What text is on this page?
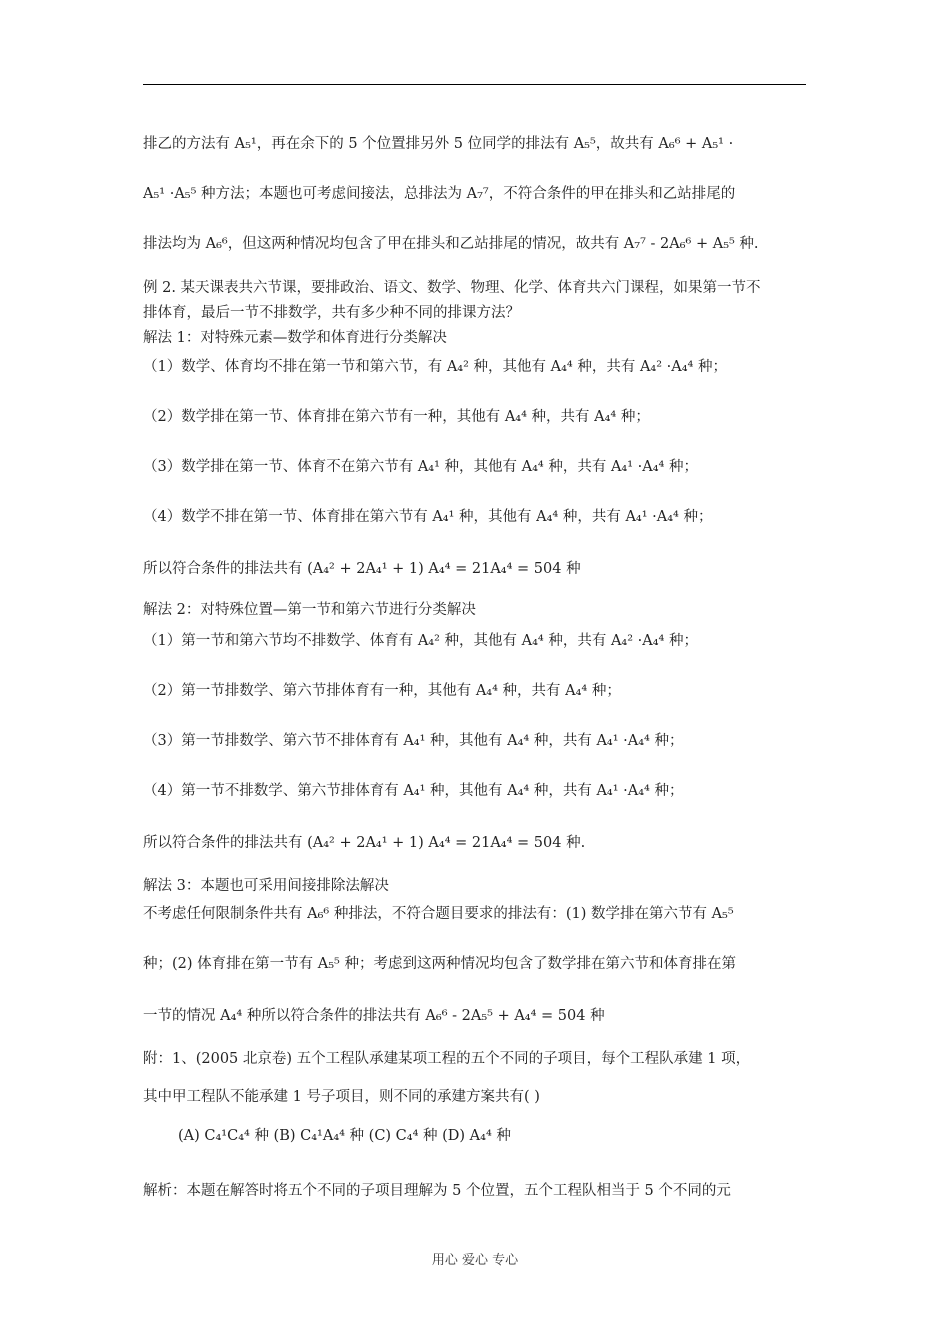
排乙的方法有 A₅¹，再在余下的 5 个位置排另外 5 位同学的排法有 A₅⁵，故共有 A₆⁶ + A₅¹ ·
A₅¹ ·A₅⁵ 种方法；本题也可考虑间接法，总排法为 A₇⁷，不符合条件的甲在排头和乙站排尾的
排法均为 A₆⁶，但这两种情况均包含了甲在排头和乙站排尾的情况，故共有 A₇⁷ - 2A₆⁶ + A₅⁵ 种.
例 2. 某天课表共六节课，要排政治、语文、数学、物理、化学、体育共六门课程，如果第一节不
排体育，最后一节不排数学，共有多少种不同的排课方法？
解法 1：对特殊元素—数学和体育进行分类解决
（1）数学、体育均不排在第一节和第六节，有 A₄² 种，其他有 A₄⁴ 种，共有 A₄² ·A₄⁴ 种；
（2）数学排在第一节、体育排在第六节有一种，其他有 A₄⁴ 种，共有 A₄⁴ 种；
（3）数学排在第一节、体育不在第六节有 A₄¹ 种，其他有 A₄⁴ 种，共有 A₄¹ ·A₄⁴ 种；
（4）数学不排在第一节、体育排在第六节有 A₄¹ 种，其他有 A₄⁴ 种，共有 A₄¹ ·A₄⁴ 种；
所以符合条件的排法共有 (A₄² + 2A₄¹ + 1) A₄⁴ = 21A₄⁴ = 504 种
解法 2：对特殊位置—第一节和第六节进行分类解决
（1）第一节和第六节均不排数学、体育有 A₄² 种，其他有 A₄⁴ 种，共有 A₄² ·A₄⁴ 种；
（2）第一节排数学、第六节排体育有一种，其他有 A₄⁴ 种，共有 A₄⁴ 种；
（3）第一节排数学、第六节不排体育有 A₄¹ 种，其他有 A₄⁴ 种，共有 A₄¹ ·A₄⁴ 种；
（4）第一节不排数学、第六节排体育有 A₄¹ 种，其他有 A₄⁴ 种，共有 A₄¹ ·A₄⁴ 种；
所以符合条件的排法共有 (A₄² + 2A₄¹ + 1) A₄⁴ = 21A₄⁴ = 504 种.
解法 3：本题也可采用间接排除法解决
不考虑任何限制条件共有 A₆⁶ 种排法，不符合题目要求的排法有：(1) 数学排在第六节有 A₅⁵
种；(2) 体育排在第一节有 A₅⁵ 种；考虑到这两种情况均包含了数学排在第六节和体育排在第
一节的情况 A₄⁴ 种所以符合条件的排法共有 A₆⁶ - 2A₅⁵ + A₄⁴ = 504 种
附：1、(2005 北京卷) 五个工程队承建某项工程的五个不同的子项目，每个工程队承建 1 项，
其中甲工程队不能承建 1 号子项目，则不同的承建方案共有( )
(A) C₄¹C₄⁴ 种 (B) C₄¹A₄⁴ 种 (C) C₄⁴ 种 (D) A₄⁴ 种
解析：本题在解答时将五个不同的子项目理解为 5 个位置，五个工程队相当于 5 个不同的元
用心 爱心 专心
